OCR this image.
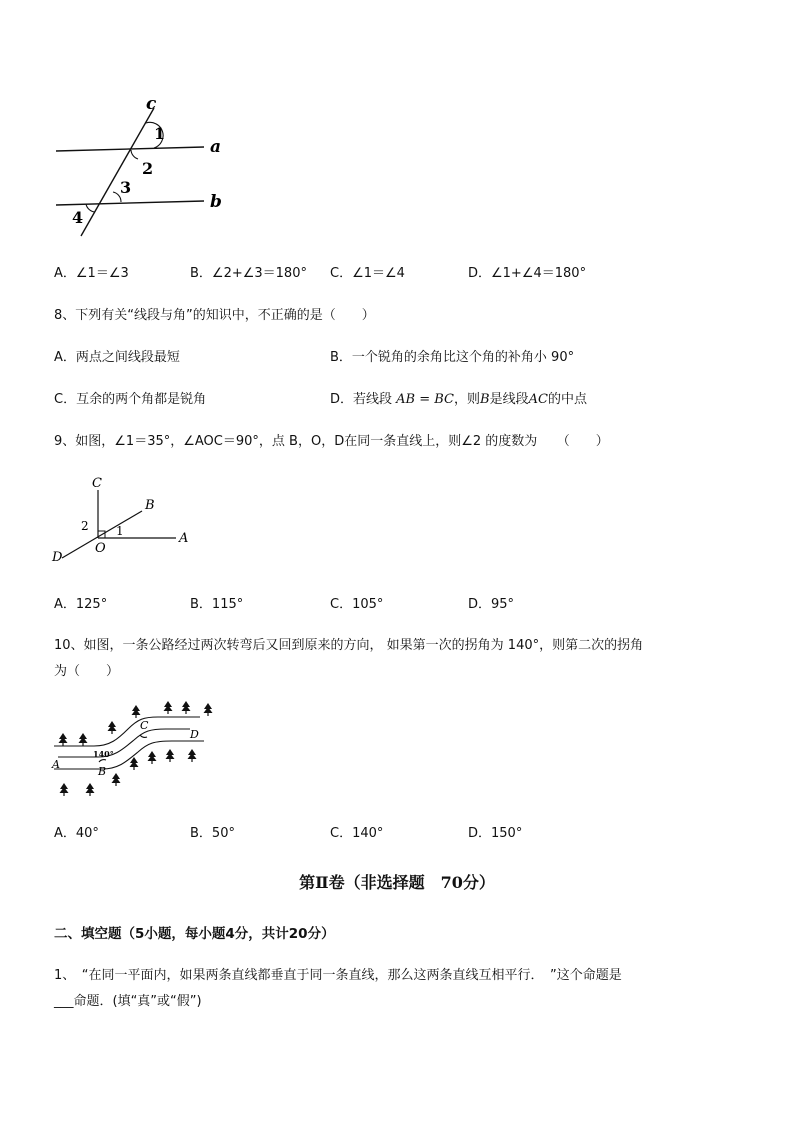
c
a
b
1
2
3
4
A．∠1＝∠3	B．∠2+∠3＝180° C．∠1＝∠4	D．∠1+∠4＝180°
8、下列有关“线段与角”的知识中，不正确的是（　　）
A．两点之间线段最短	B．一个锐角的余角比这个角的补角小 90°
C．互余的两个角都是锐角	D．若线段 AB = BC，则B是线段AC的中点
9、如图，∠1＝35°，∠AOC＝90°，点 B，O，D在同一条直线上，则∠2 的度数为　　（　　）
C
B
A
D
O
1
2
A．125°	B．115°	C．105°	D．95°
10、如图，一条公路经过两次转弯后又回到原来的方向， 如果第一次的拐角为 140°，则第二次的拐角
为（　　）
A
B
C
D
140°
A．40°	B．50°	C．140°	D．150°
第Ⅱ卷（非选择题　70分）
二、填空题（5小题，每小题4分，共计20分）
1、　“在同一平面内，如果两条直线都垂直于同一条直线，那么这两条直线互相平行．　”这个命题是
___命题．(填“真”或“假”)
